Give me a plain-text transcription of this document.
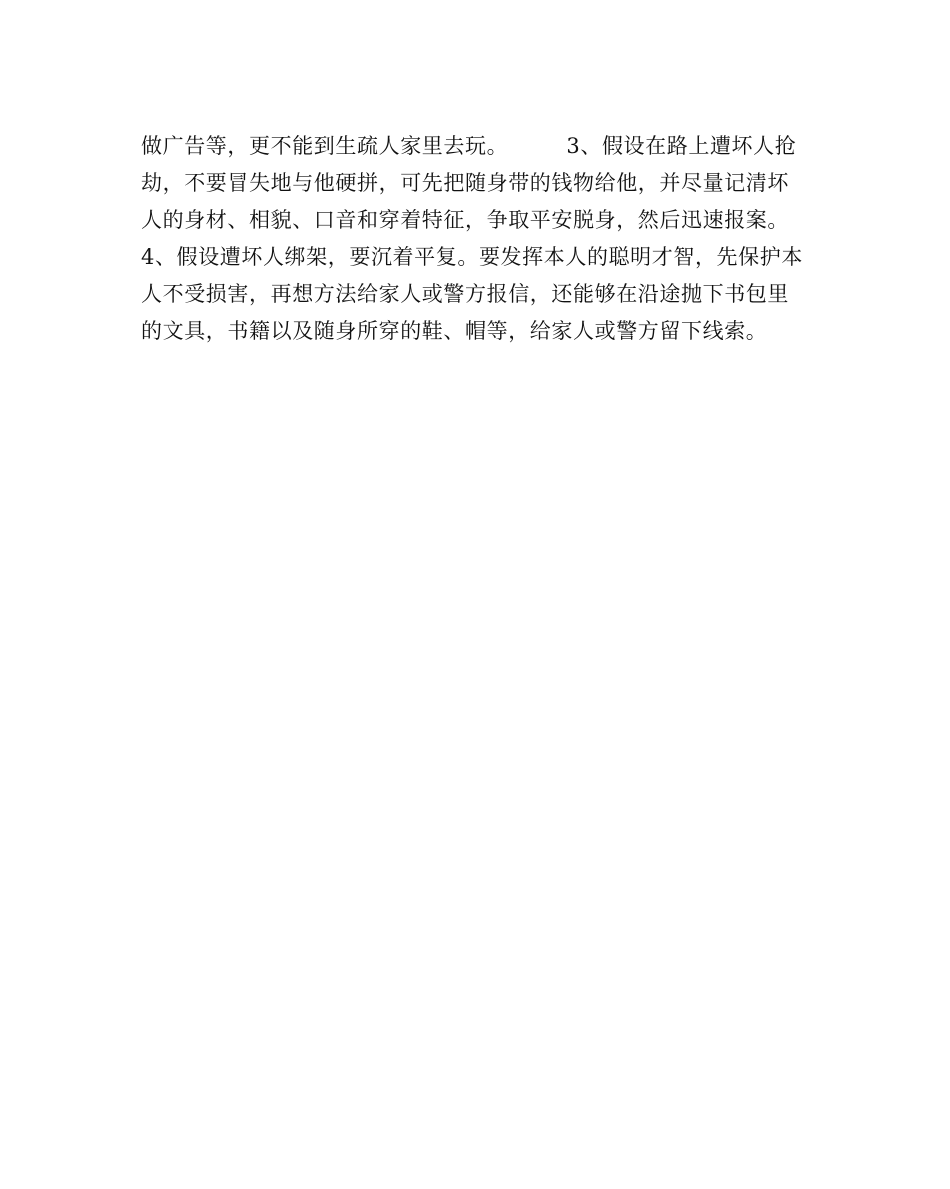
做广告等，更不能到生疏人家里去玩。        3、假设在路上遭坏人抢
劫，不要冒失地与他硬拼，可先把随身带的钱物给他，并尽量记清坏
人的身材、相貌、口音和穿着特征，争取平安脱身，然后迅速报案。
4、假设遭坏人绑架，要沉着平复。要发挥本人的聪明才智，先保护本
人不受损害，再想方法给家人或警方报信，还能够在沿途抛下书包里
的文具，书籍以及随身所穿的鞋、帽等，给家人或警方留下线索。
